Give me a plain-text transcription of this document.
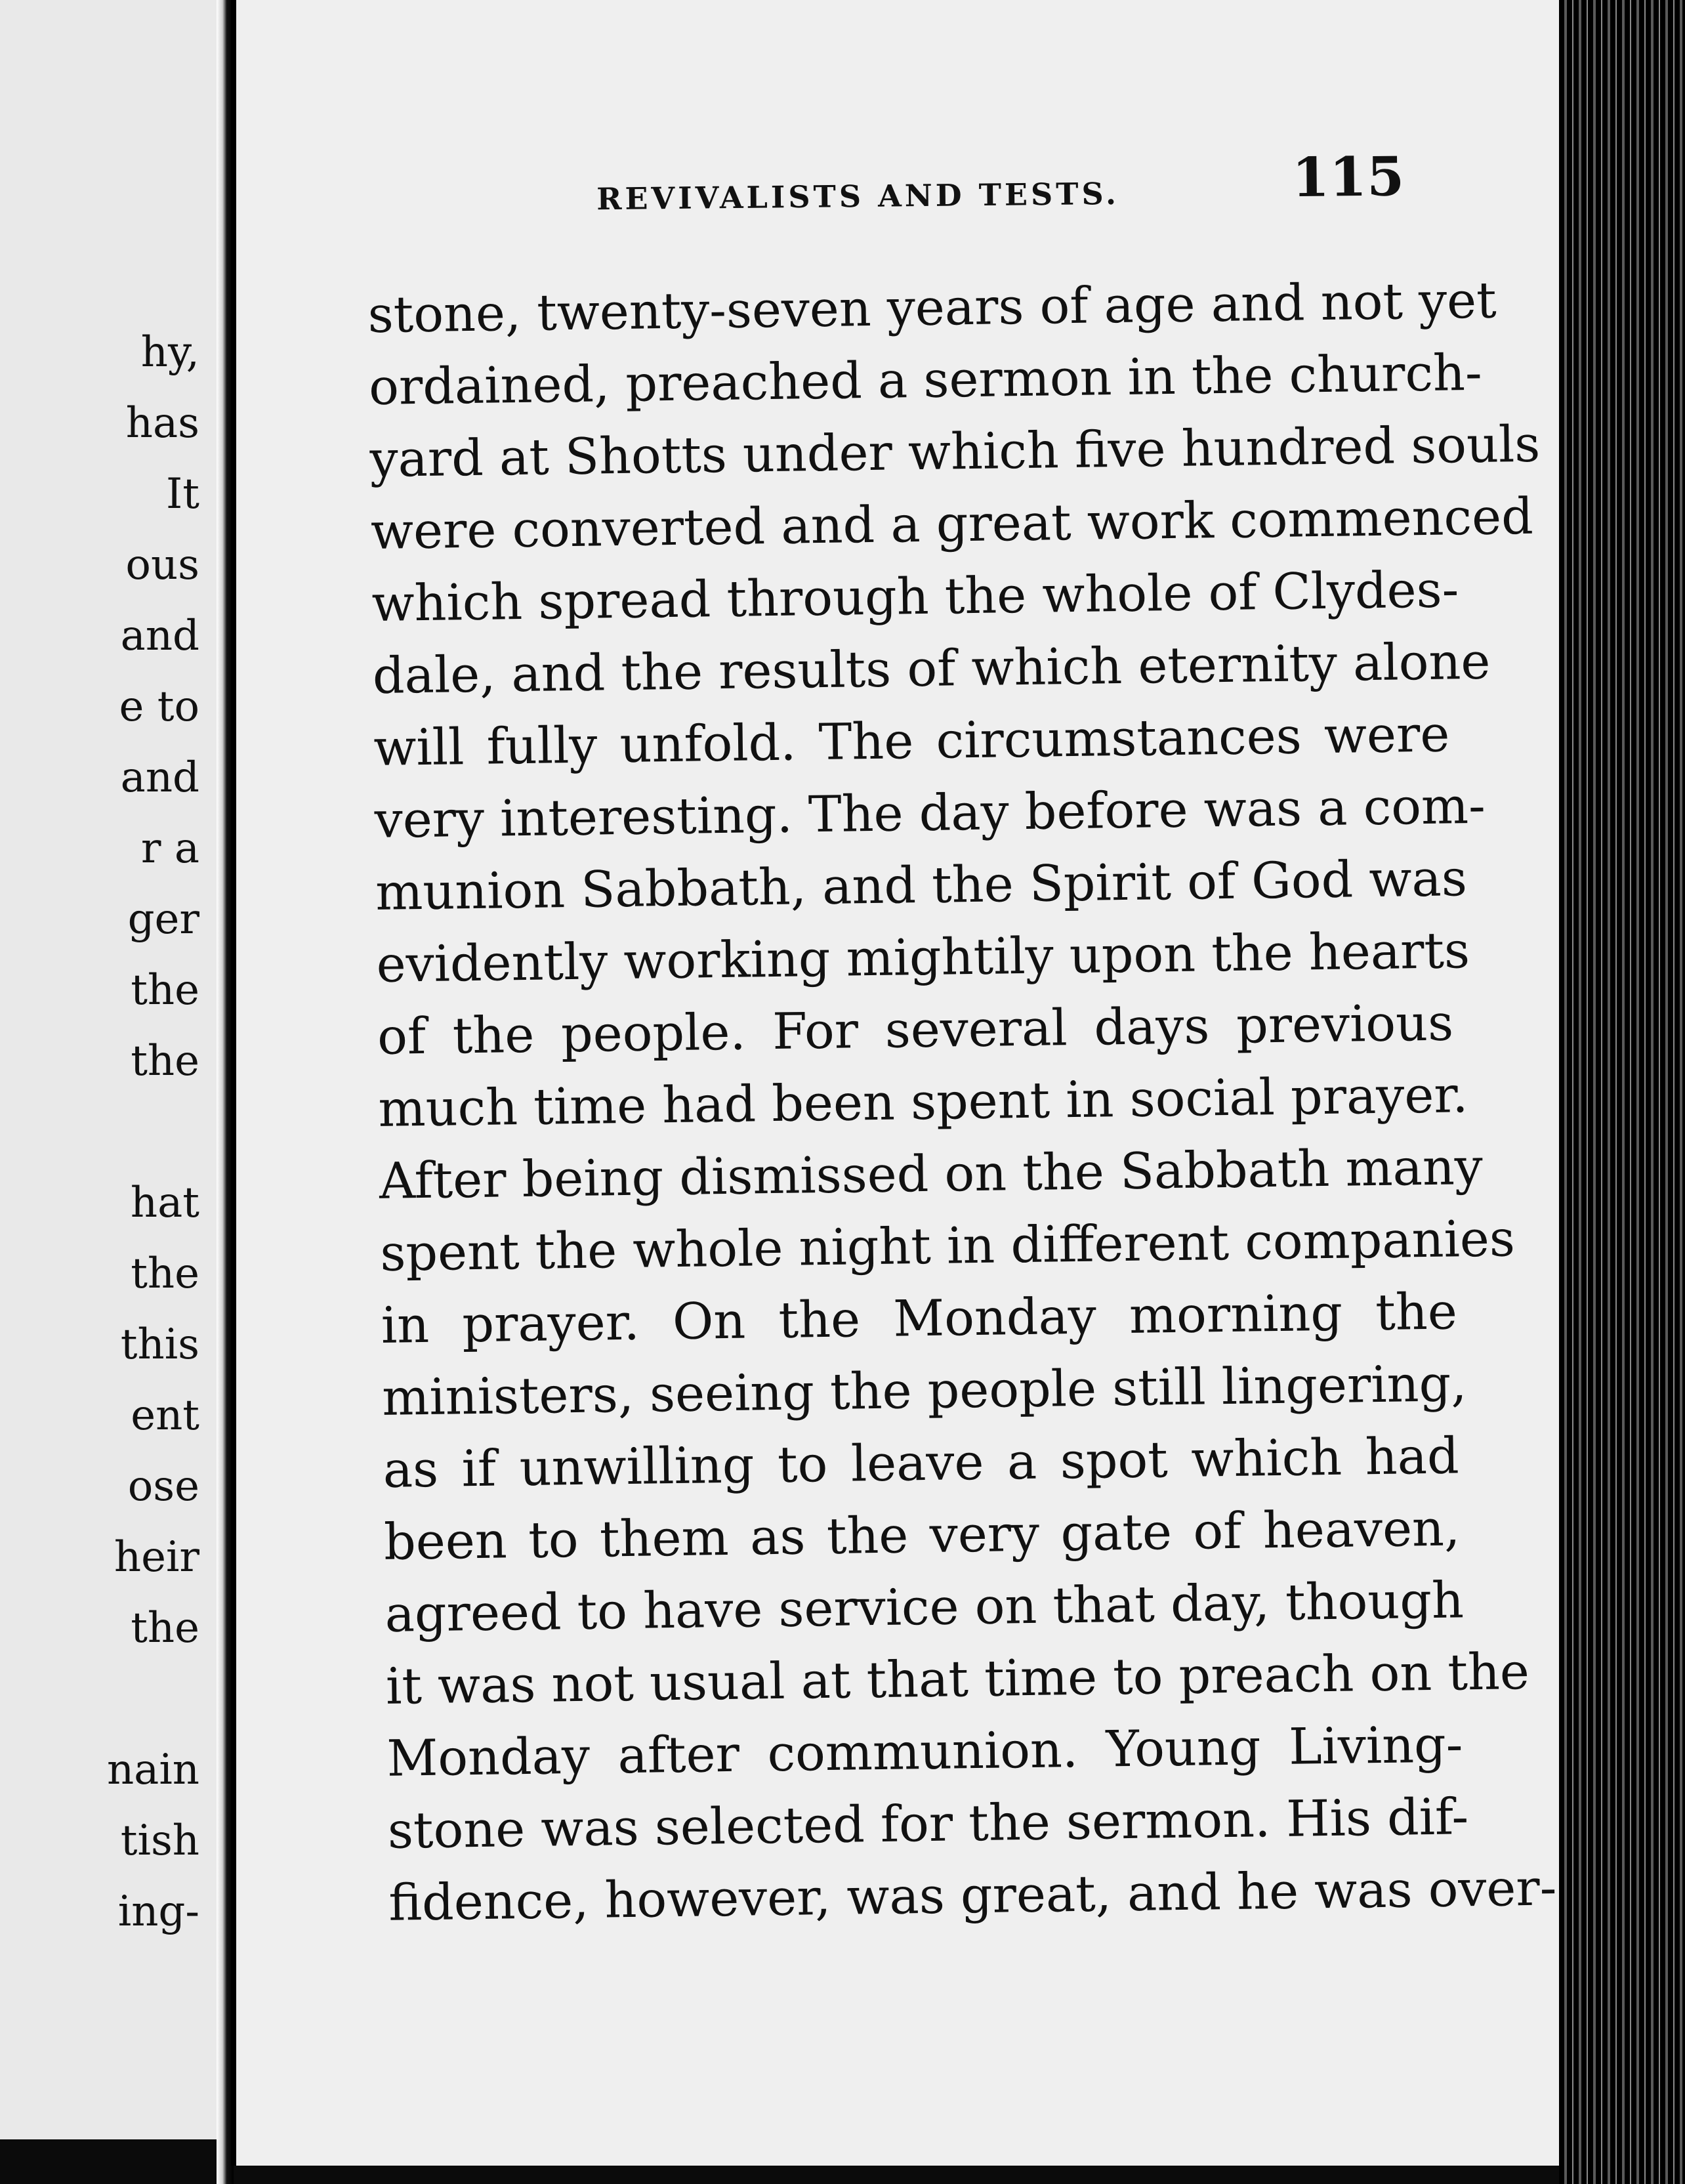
hy,
has
It
ous
and
e to
and
r a
ger
the
the
hat
the
this
ent
ose
heir
the
nain
tish
ing-
REVIVALISTS AND TESTS.	115
stone, twenty-seven years of age and not yet
ordained, preached a sermon in the church-
yard at Shotts under which five hundred souls
were converted and a great work commenced
which spread through the whole of Clydes-
dale, and the results of which eternity alone
will fully unfold. The circumstances were
very interesting. The day before was a com-
munion Sabbath, and the Spirit of God was
evidently working mightily upon the hearts
of the people. For several days previous
much time had been spent in social prayer.
After being dismissed on the Sabbath many
spent the whole night in different companies
in prayer. On the Monday morning the
ministers, seeing the people still lingering,
as if unwilling to leave a spot which had
been to them as the very gate of heaven,
agreed to have service on that day, though
it was not usual at that time to preach on the
Monday after communion. Young Living-
stone was selected for the sermon. His dif-
fidence, however, was great, and he was over-
